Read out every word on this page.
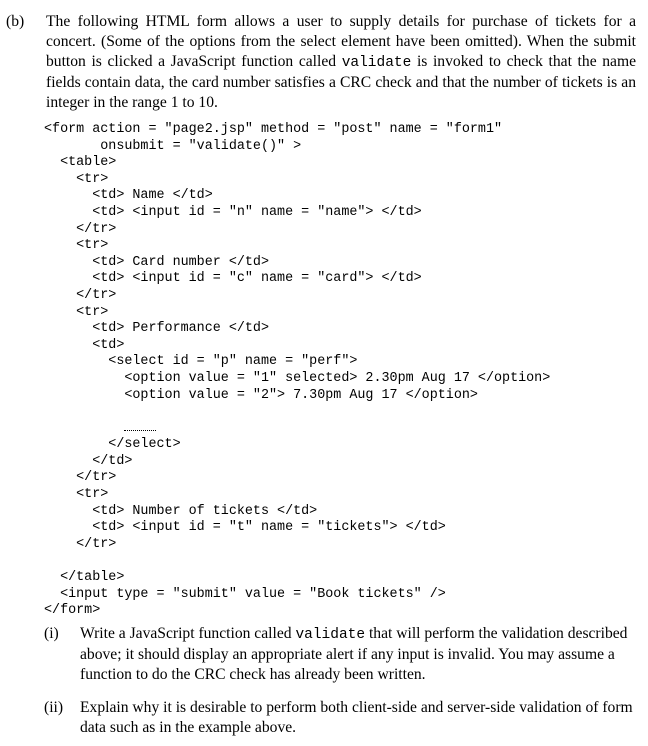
(b) The following HTML form allows a user to supply details for purchase of tickets for a concert. (Some of the options from the select element have been omitted). When the submit button is clicked a JavaScript function called validate is invoked to check that the name fields contain data, the card number satisfies a CRC check and that the number of tickets is an integer in the range 1 to 10.
<form action = "page2.jsp" method = "post" name = "form1"
onsubmit = "validate()" >
<table>
<tr>
<td> Name </td>
<td> <input id = "n" name = "name"> </td>
</tr>
<tr>
<td> Card number </td>
<td> <input id = "c" name = "card"> </td>
</tr>
<tr>
<td> Performance </td>
<td>
<select id = "p" name = "perf">
<option value = "1" selected> 2.30pm Aug 17 </option>
<option value = "2"> 7.30pm Aug 17 </option>

</select>
</td>
</tr>
<tr>
<td> Number of tickets </td>
<td> <input id = "t" name = "tickets"> </td>
</tr>
</table>
<input type = "submit" value = "Book tickets" />
</form>
(i) Write a JavaScript function called validate that will perform the validation described above; it should display an appropriate alert if any input is invalid. You may assume a function to do the CRC check has already been written.
(ii) Explain why it is desirable to perform both client-side and server-side validation of form data such as in the example above.
